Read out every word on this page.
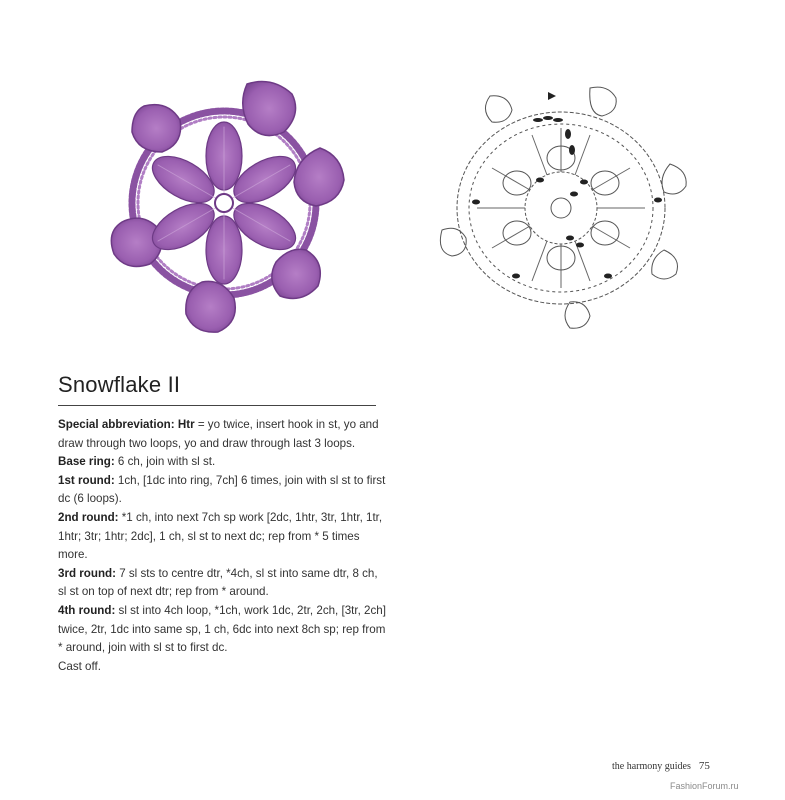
Snowflake II

Special abbreviation: Htr = yo twice, insert hook in st, yo and draw through two loops, yo and draw through last 3 loops.

Base ring: 6 ch, join with sl st.

1st round: 1ch, [1dc into ring, 7ch] 6 times, join with sl st to first dc (6 loops).

2nd round: *1 ch, into next 7ch sp work [2dc, 1htr, 3tr, 1htr, 1tr, 1htr; 3tr; 1htr; 2dc], 1 ch, sl st to next dc; rep from * 5 times more.

3rd round: 7 sl sts to centre dtr, *4ch, sl st into same dtr, 8 ch, sl st on top of next dtr; rep from * around.

4th round: sl st into 4ch loop, *1ch, work 1dc, 2tr, 2ch, [3tr, 2ch] twice, 2tr, 1dc into same sp, 1 ch, 6dc into next 8ch sp; rep from * around, join with sl st to first dc.

Cast off.

the harmony guides 75
FashionForum.ru
